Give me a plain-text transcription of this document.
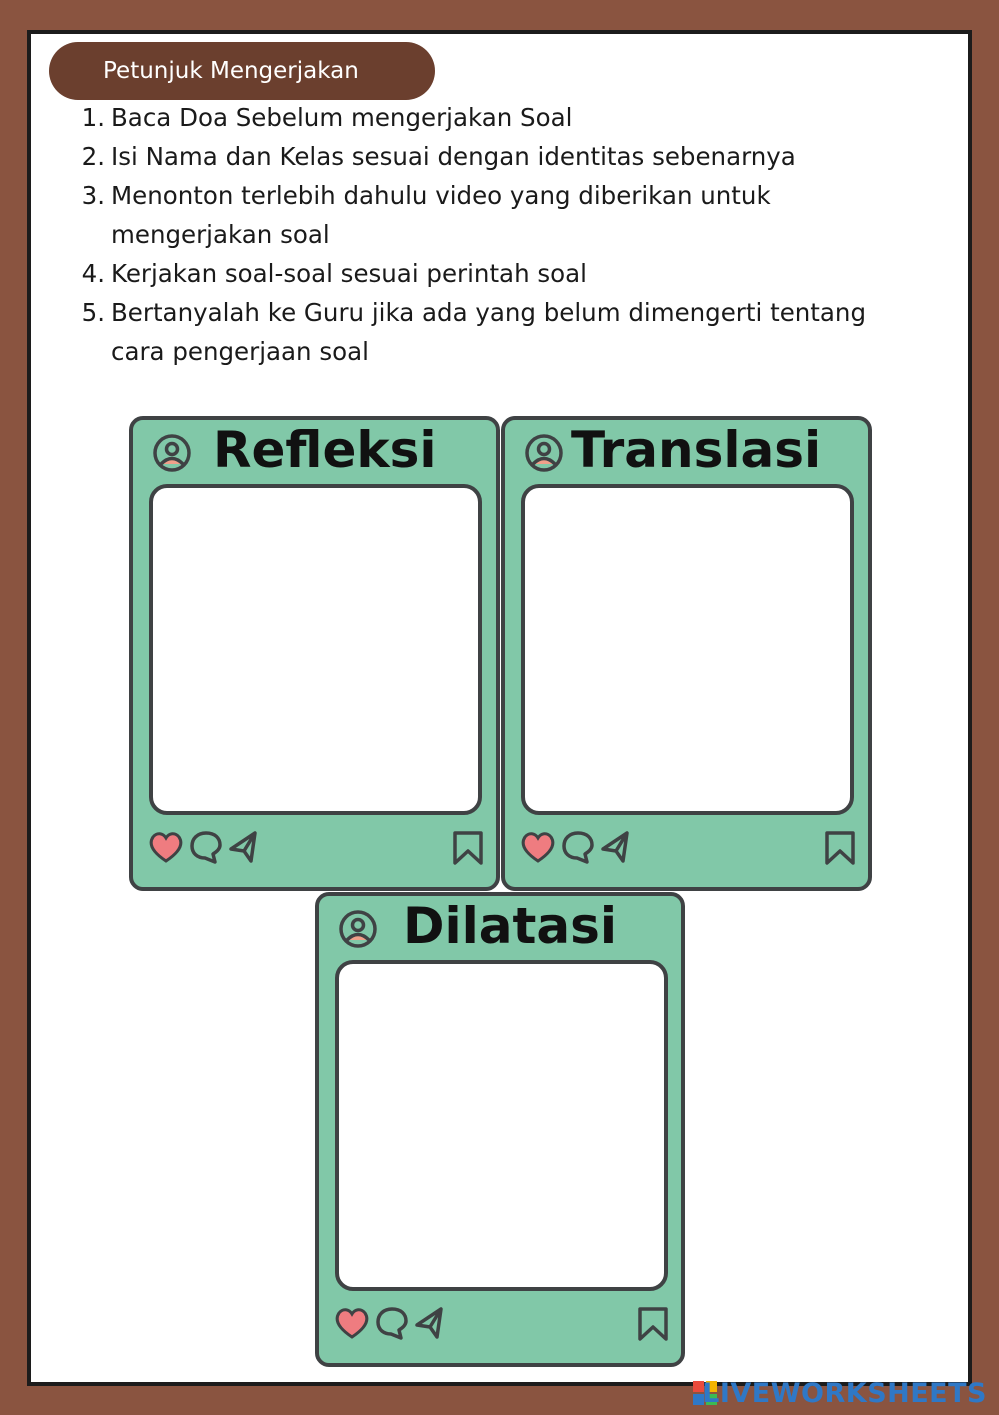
Petunjuk Mengerjakan
1. Baca Doa Sebelum mengerjakan Soal
2. Isi Nama dan Kelas sesuai dengan identitas sebenarnya
3. Menonton terlebih dahulu video yang diberikan untuk mengerjakan soal
4. Kerjakan soal-soal sesuai perintah soal
5. Bertanyalah ke Guru jika ada yang belum dimengerti tentang cara pengerjaan soal
Refleksi	Translasi
Dilatasi
LIVEWORKSHEETS
